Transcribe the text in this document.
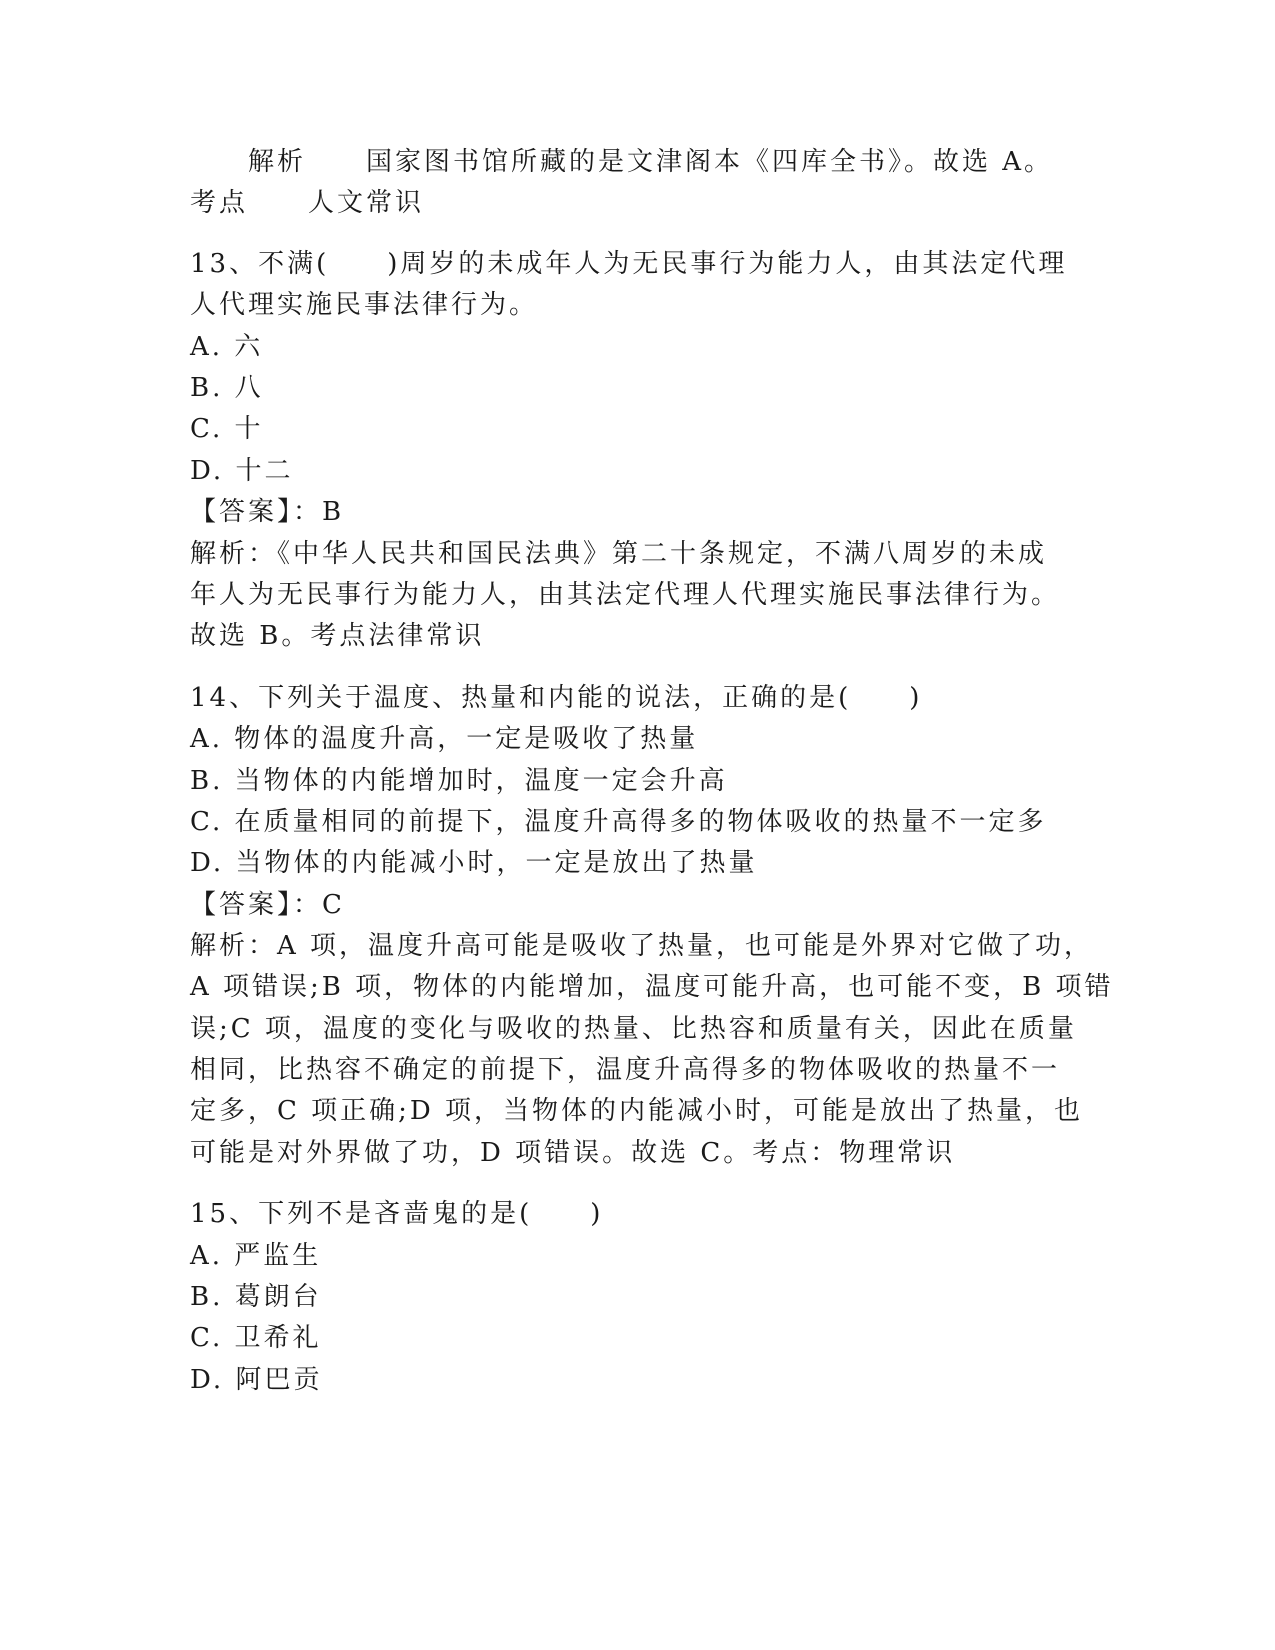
解析 国家图书馆所藏的是文津阁本《四库全书》。故选 A。
考点 人文常识
13、不满(　　)周岁的未成年人为无民事行为能力人，由其法定代理
人代理实施民事法律行为。
A. 六
B. 八
C. 十
D. 十二
【答案】：B
解析：《中华人民共和国民法典》第二十条规定，不满八周岁的未成
年人为无民事行为能力人，由其法定代理人代理实施民事法律行为。
故选 B。考点法律常识
14、下列关于温度、热量和内能的说法，正确的是(　　)
A. 物体的温度升高，一定是吸收了热量
B. 当物体的内能增加时，温度一定会升高
C. 在质量相同的前提下，温度升高得多的物体吸收的热量不一定多
D. 当物体的内能减小时，一定是放出了热量
【答案】：C
解析：A 项，温度升高可能是吸收了热量，也可能是外界对它做了功，
A 项错误;B 项，物体的内能增加，温度可能升高，也可能不变，B 项错
误;C 项，温度的变化与吸收的热量、比热容和质量有关，因此在质量
相同，比热容不确定的前提下，温度升高得多的物体吸收的热量不一
定多，C 项正确;D 项，当物体的内能减小时，可能是放出了热量，也
可能是对外界做了功，D 项错误。故选 C。考点：物理常识
15、下列不是吝啬鬼的是(　　)
A. 严监生
B. 葛朗台
C. 卫希礼
D. 阿巴贡
